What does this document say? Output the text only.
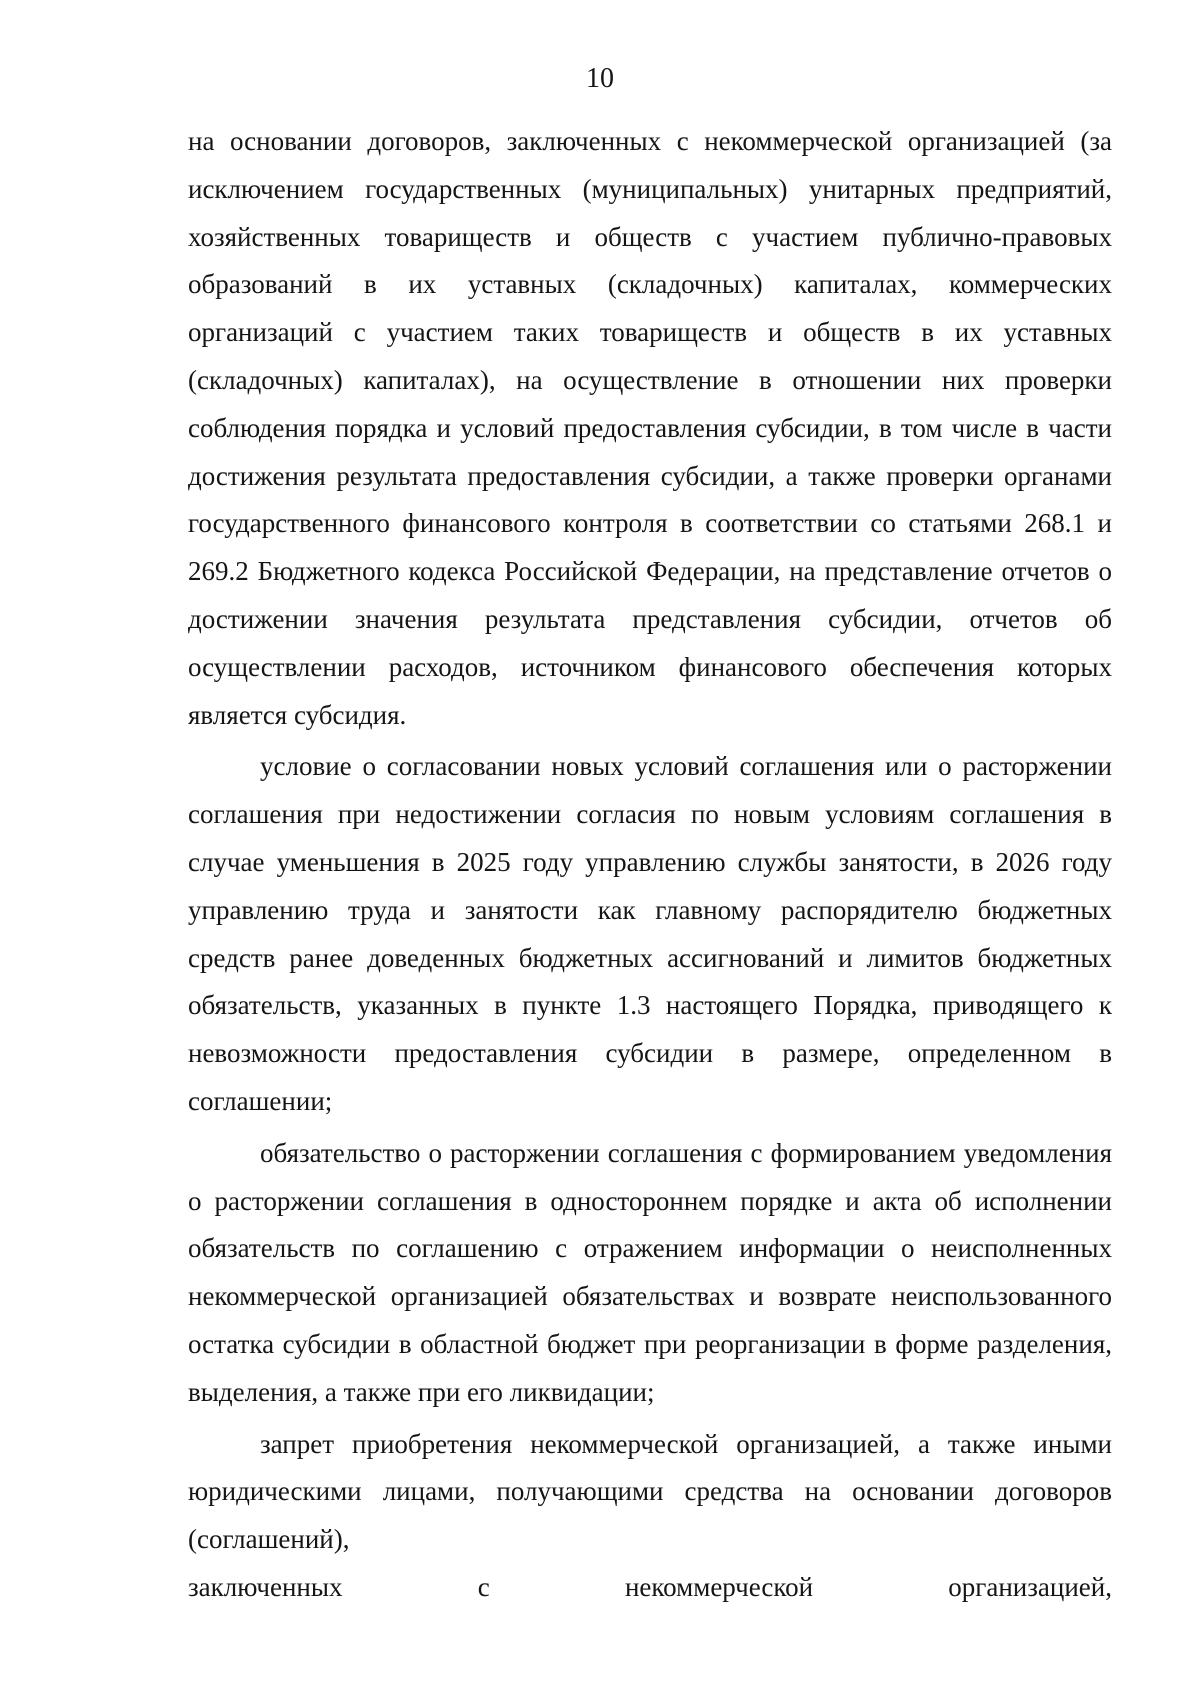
10

на основании договоров, заключенных с некоммерческой организацией (за исключением государственных (муниципальных) унитарных предприятий, хозяйственных товариществ и обществ с участием публично-правовых образований в их уставных (складочных) капиталах, коммерческих организаций с участием таких товариществ и обществ в их уставных (складочных) капиталах), на осуществление в отношении них проверки соблюдения порядка и условий предоставления субсидии, в том числе в части достижения результата предоставления субсидии, а также проверки органами государственного финансового контроля в соответствии со статьями 268.1 и 269.2 Бюджетного кодекса Российской Федерации, на представление отчетов о достижении значения результата представления субсидии, отчетов об осуществлении расходов, источником финансового обеспечения которых является субсидия.

условие о согласовании новых условий соглашения или о расторжении соглашения при недостижении согласия по новым условиям соглашения в случае уменьшения в 2025 году управлению службы занятости, в 2026 году управлению труда и занятости как главному распорядителю бюджетных средств ранее доведенных бюджетных ассигнований и лимитов бюджетных обязательств, указанных в пункте 1.3 настоящего Порядка, приводящего к невозможности предоставления субсидии в размере, определенном в соглашении;

обязательство о расторжении соглашения с формированием уведомления о расторжении соглашения в одностороннем порядке и акта об исполнении обязательств по соглашению с отражением информации о неисполненных некоммерческой организацией обязательствах и возврате неиспользованного остатка субсидии в областной бюджет при реорганизации в форме разделения, выделения, а также при его ликвидации;

запрет приобретения некоммерческой организацией, а также иными юридическими лицами, получающими средства на основании договоров (соглашений),
заключенных с некоммерческой организацией,
